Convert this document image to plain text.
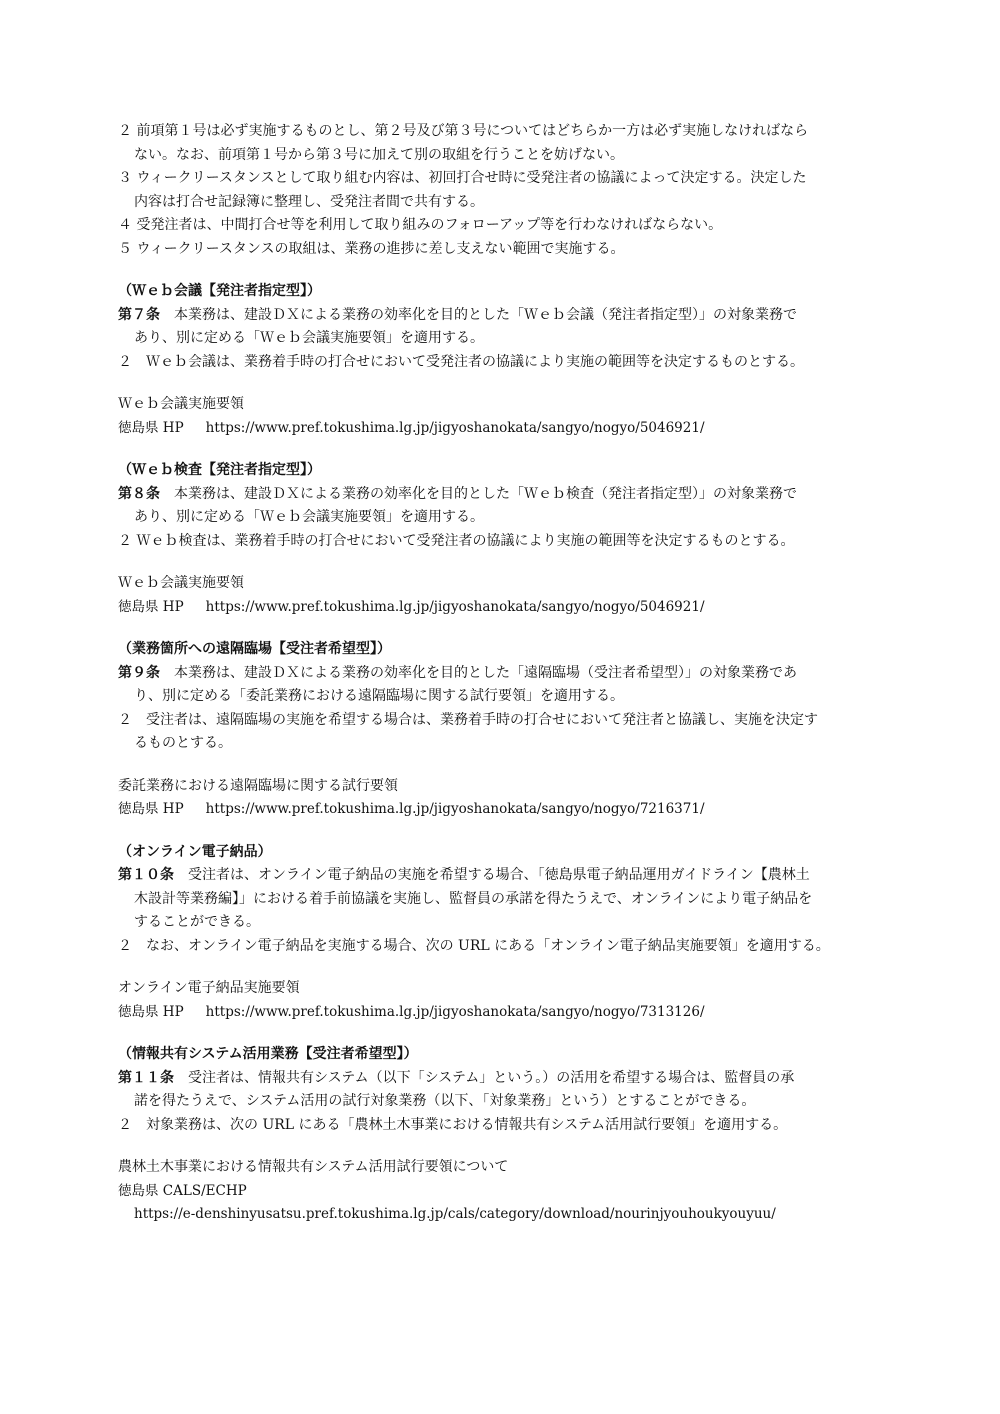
２ 前項第１号は必ず実施するものとし、第２号及び第３号についてはどちらか一方は必ず実施しなければなら

ない。なお、前項第１号から第３号に加えて別の取組を行うことを妨げない。

３ ウィークリースタンスとして取り組む内容は、初回打合せ時に受発注者の協議によって決定する。決定した

内容は打合せ記録簿に整理し、受発注者間で共有する。

４ 受発注者は、中間打合せ等を利用して取り組みのフォローアップ等を行わなければならない。

５ ウィークリースタンスの取組は、業務の進捗に差し支えない範囲で実施する。

（Ｗｅｂ会議【発注者指定型】）

第７条　本業務は、建設ＤＸによる業務の効率化を目的とした「Ｗｅｂ会議（発注者指定型）」の対象業務で

あり、別に定める「Ｗｅｂ会議実施要領」を適用する。

２　Ｗｅｂ会議は、業務着手時の打合せにおいて受発注者の協議により実施の範囲等を決定するものとする。

Ｗｅｂ会議実施要領

徳島県 HP https://www.pref.tokushima.lg.jp/jigyoshanokata/sangyo/nogyo/5046921/

（Ｗｅｂ検査【発注者指定型】）

第８条　本業務は、建設ＤＸによる業務の効率化を目的とした「Ｗｅｂ検査（発注者指定型）」の対象業務で

あり、別に定める「Ｗｅｂ会議実施要領」を適用する。

２ Ｗｅｂ検査は、業務着手時の打合せにおいて受発注者の協議により実施の範囲等を決定するものとする。

Ｗｅｂ会議実施要領

徳島県 HP https://www.pref.tokushima.lg.jp/jigyoshanokata/sangyo/nogyo/5046921/

（業務箇所への遠隔臨場【受注者希望型】）

第９条　本業務は、建設ＤＸによる業務の効率化を目的とした「遠隔臨場（受注者希望型）」の対象業務であ

り、別に定める「委託業務における遠隔臨場に関する試行要領」を適用する。

２　受注者は、遠隔臨場の実施を希望する場合は、業務着手時の打合せにおいて発注者と協議し、実施を決定す

るものとする。

委託業務における遠隔臨場に関する試行要領

徳島県 HP https://www.pref.tokushima.lg.jp/jigyoshanokata/sangyo/nogyo/7216371/

（オンライン電子納品）

第１０条　受注者は、オンライン電子納品の実施を希望する場合、「徳島県電子納品運用ガイドライン【農林土

木設計等業務編】」における着手前協議を実施し、監督員の承諾を得たうえで、オンラインにより電子納品を

することができる。

２　なお、オンライン電子納品を実施する場合、次の URL にある「オンライン電子納品実施要領」を適用する。

オンライン電子納品実施要領

徳島県 HP https://www.pref.tokushima.lg.jp/jigyoshanokata/sangyo/nogyo/7313126/

（情報共有システム活用業務【受注者希望型】）

第１１条　受注者は、情報共有システム（以下「システム」という。）の活用を希望する場合は、監督員の承

諾を得たうえで、システム活用の試行対象業務（以下、「対象業務」という）とすることができる。

２　対象業務は、次の URL にある「農林土木事業における情報共有システム活用試行要領」を適用する。

農林土木事業における情報共有システム活用試行要領について

徳島県 CALS/ECHP

https://e-denshinyusatsu.pref.tokushima.lg.jp/cals/category/download/nourinjyouhoukyouyuu/
